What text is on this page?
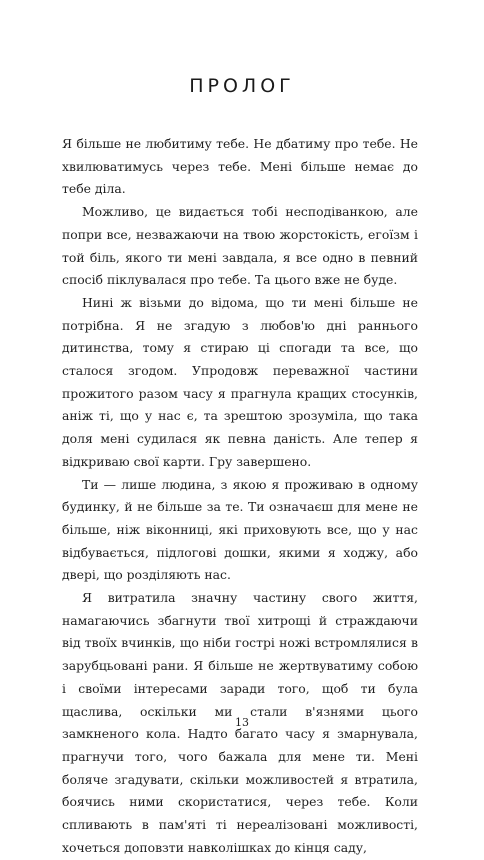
ПРОЛОГ

Я більше не любитиму тебе. Не дбатиму про тебе. Не хвилюватимусь через тебе. Мені більше немає до тебе діла.

Можливо, це видається тобі несподіванкою, але попри все, незважаючи на твою жорстокість, егоїзм і той біль, якого ти мені завдала, я все одно в певний спосіб піклувалася про тебе. Та цього вже не буде.

Нині ж візьми до відома, що ти мені більше не потрібна. Я не згадую з любов'ю дні раннього дитинства, тому я стираю ці спогади та все, що сталося згодом. Упродовж переважної частини прожитого разом часу я прагнула кращих стосунків, аніж ті, що у нас є, та зрештою зрозуміла, що така доля мені судилася як певна даність. Але тепер я відкриваю свої карти. Гру завершено.

Ти — лише людина, з якою я проживаю в одному будинку, й не більше за те. Ти означаєш для мене не більше, ніж віконниці, які приховують все, що у нас відбувається, підлогові дошки, якими я ходжу, або двері, що розділяють нас.

Я витратила значну частину свого життя, намагаючись збагнути твої хитрощі й страждаючи від твоїх вчинків, що ніби гострі ножі встромлялися в зарубцьовані рани. Я більше не жертвуватиму собою і своїми інтересами заради того, щоб ти була щаслива, оскільки ми стали в'язнями цього замкненого кола. Надто багато часу я змарнувала, прагнучи того, чого бажала для мене ти. Мені боляче згадувати, скільки можливостей я втратила, боячись ними скористатися, через тебе. Коли спливають в пам'яті ті нереалізовані можливості, хочеться доповзти навколішках до кінця саду,

13
